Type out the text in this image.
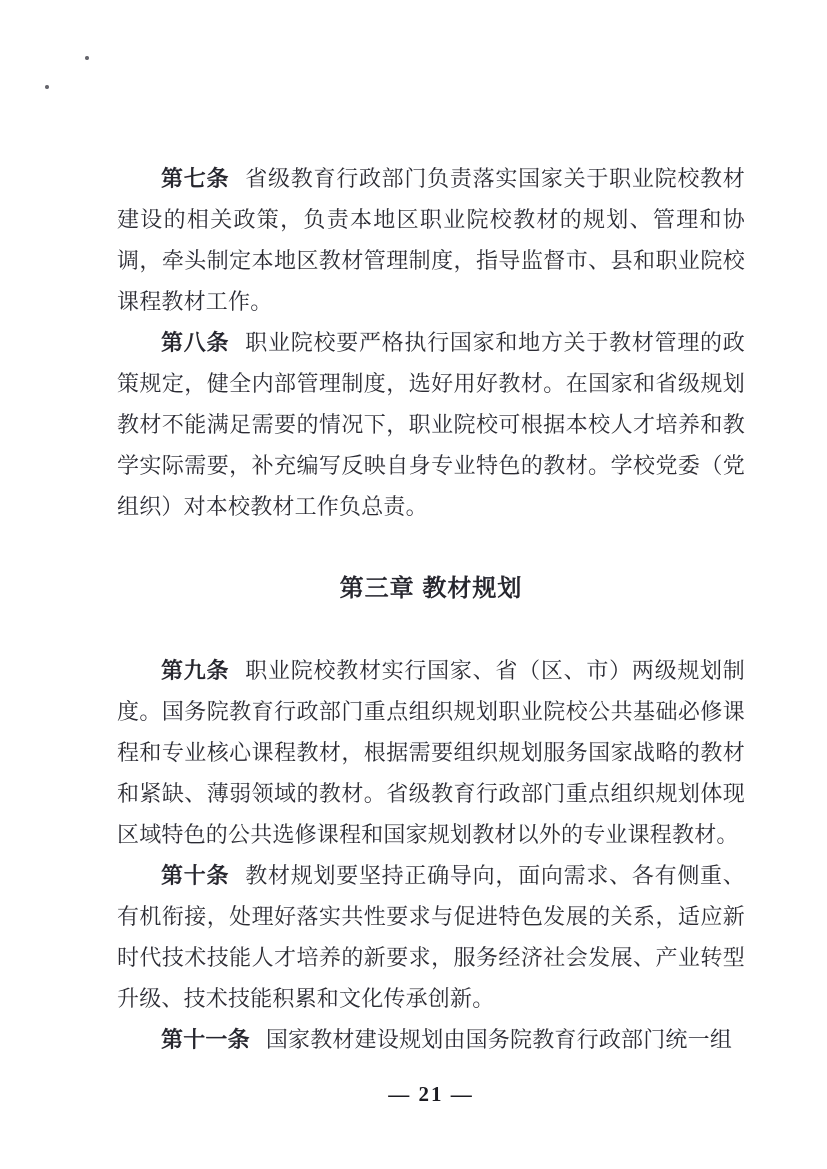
第七条 省级教育行政部门负责落实国家关于职业院校教材建设的相关政策，负责本地区职业院校教材的规划、管理和协调，牵头制定本地区教材管理制度，指导监督市、县和职业院校课程教材工作。

第八条 职业院校要严格执行国家和地方关于教材管理的政策规定，健全内部管理制度，选好用好教材。在国家和省级规划教材不能满足需要的情况下，职业院校可根据本校人才培养和教学实际需要，补充编写反映自身专业特色的教材。学校党委（党组织）对本校教材工作负总责。

第三章 教材规划

第九条 职业院校教材实行国家、省（区、市）两级规划制度。国务院教育行政部门重点组织规划职业院校公共基础必修课程和专业核心课程教材，根据需要组织规划服务国家战略的教材和紧缺、薄弱领域的教材。省级教育行政部门重点组织规划体现区域特色的公共选修课程和国家规划教材以外的专业课程教材。

第十条 教材规划要坚持正确导向，面向需求、各有侧重、有机衔接，处理好落实共性要求与促进特色发展的关系，适应新时代技术技能人才培养的新要求，服务经济社会发展、产业转型升级、技术技能积累和文化传承创新。

第十一条 国家教材建设规划由国务院教育行政部门统一组

— 21 —
